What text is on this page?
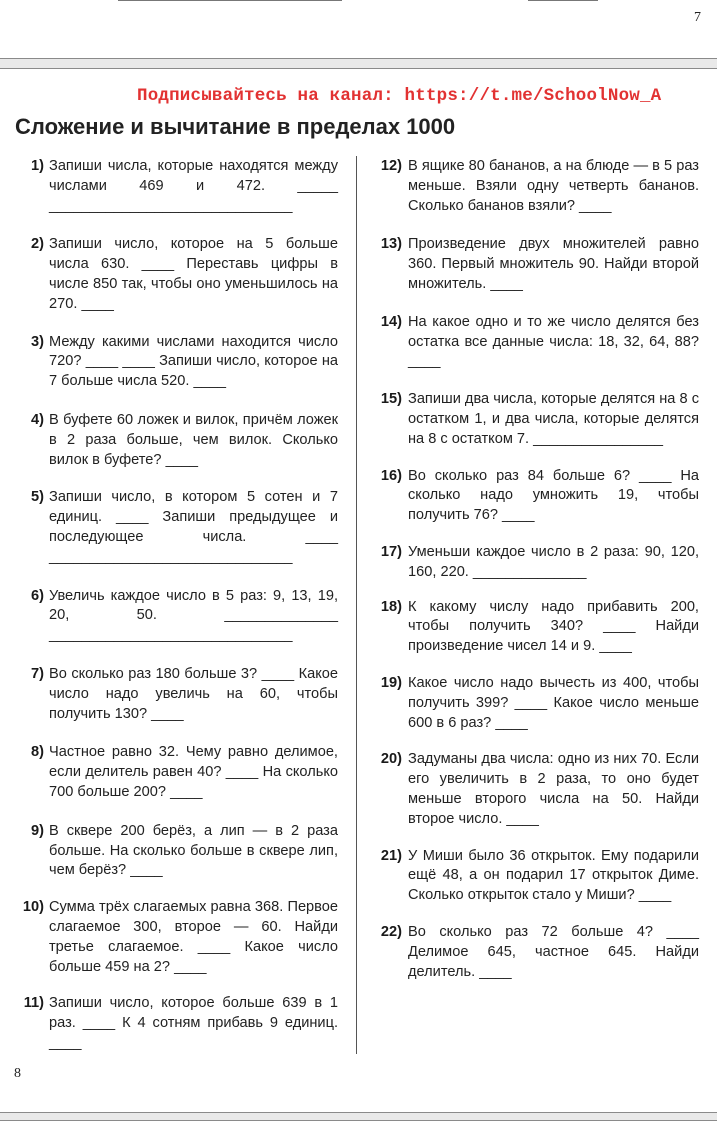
7
Подписывайтесь на канал: https://t.me/SchoolNow_A
Сложение и вычитание в пределах 1000
1) Запиши числа, которые находятся между числами 469 и 472. _____ ______________________________
2) Запиши число, которое на 5 больше числа 630. ____ Переставь цифры в числе 850 так, чтобы оно уменьшилось на 270. ____
3) Между какими числами находится число 720? ____ ____ Запиши число, которое на 7 больше числа 520. ____
4) В буфете 60 ложек и вилок, причём ложек в 2 раза больше, чем вилок. Сколько вилок в буфете? ____
5) Запиши число, в котором 5 сотен и 7 единиц. ____ Запиши предыдущее и последующее числа. ____ ______________________________
6) Увеличь каждое число в 5 раз: 9, 13, 19, 20, 50. ______________ ______________________________
7) Во сколько раз 180 больше 3? ____ Какое число надо увеличь на 60, чтобы получить 130? ____
8) Частное равно 32. Чему равно делимое, если делитель равен 40? ____ На сколько 700 больше 200? ____
9) В сквере 200 берёз, а лип — в 2 раза больше. На сколько больше в сквере лип, чем берёз? ____
10) Сумма трёх слагаемых равна 368. Первое слагаемое 300, второе — 60. Найди третье слагаемое. ____ Какое число больше 459 на 2? ____
11) Запиши число, которое больше 639 в 1 раз. ____ К 4 сотням прибавь 9 единиц. ____
12) В ящике 80 бананов, а на блюде — в 5 раз меньше. Взяли одну четверть бананов. Сколько бананов взяли? ____
13) Произведение двух множителей равно 360. Первый множитель 90. Найди второй множитель. ____
14) На какое одно и то же число делятся без остатка все данные числа: 18, 32, 64, 88? ____
15) Запиши два числа, которые делятся на 8 с остатком 1, и два числа, которые делятся на 8 с остатком 7. ________________
16) Во сколько раз 84 больше 6? ____ На сколько надо умножить 19, чтобы получить 76? ____
17) Уменьши каждое число в 2 раза: 90, 120, 160, 220. ______________
18) К какому числу надо прибавить 200, чтобы получить 340? ____ Найди произведение чисел 14 и 9. ____
19) Какое число надо вычесть из 400, чтобы получить 399? ____ Какое число меньше 600 в 6 раз? ____
20) Задуманы два числа: одно из них 70. Если его увеличить в 2 раза, то оно будет меньше второго числа на 50. Найди второе число. ____
21) У Миши было 36 открыток. Ему подарили ещё 48, а он подарил 17 открыток Диме. Сколько открыток стало у Миши? ____
22) Во сколько раз 72 больше 4? ____ Делимое 645, частное 645. Найди делитель. ____
8
